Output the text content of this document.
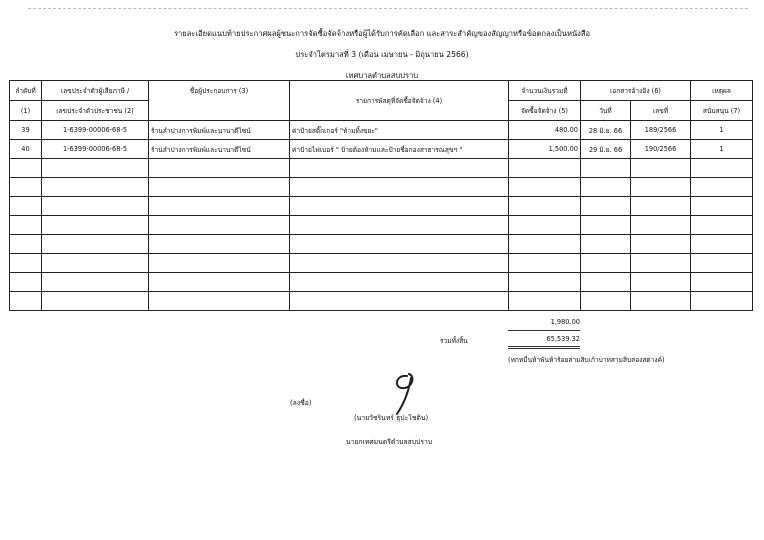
รายละเอียดแนบท้ายประกาศผลผู้ชนะการจัดซื้อจัดจ้างหรือผู้ได้รับการคัดเลือก และสาระสำคัญของสัญญาหรือข้อตกลงเป็นหนังสือ
ประจำไตรมาสที่ 3 (เดือน เมษายน - มิถุนายน 2566)
เทศบาลตำบลสบปราบ
ลำดับที่	เลขประจำตัวผู้เสียภาษี /	ชื่อผู้ประกอบการ (3)	รายการพัสดุที่จัดซื้อจัดจ้าง (4)	จำนวนเงินรวมที่	เอกสารอ้างอิง (6)		เหตุผล
(1)	เลขประจำตัวประชาชน (2)			จัดซื้อจัดจ้าง (5)	วันที่	เลขที่	สนับสนุน (7)
39	1-6399-00006-68-5	ร้านลำปางการพิมพ์และนานาดีไซน์	ค่าป้ายสติ๊กเกอร์ "ห้ามทิ้งขยะ"	480.00	28 มิ.ย. 66	189/2566	1
40	1-6399-00006-68-5	ร้านลำปางการพิมพ์และนานาดีไซน์	ค่าป้ายไฟเบอร์ " ป้ายต้องห้ามและป้ายชื่อกองสาธารณสุขฯ "	1,500.00	29 มิ.ย. 66	190/2566	1

1,980.00
รวมทั้งสิ้น	65,539.32
(หกหมื่นห้าพันห้าร้อยสามสิบเก้าบาทสามสิบสองสตางค์)
(ลงชื่อ)
(นายวัชรินทร์ ธุปะโชติน)
นายกเทศมนตรีตำบลสบปราบ
